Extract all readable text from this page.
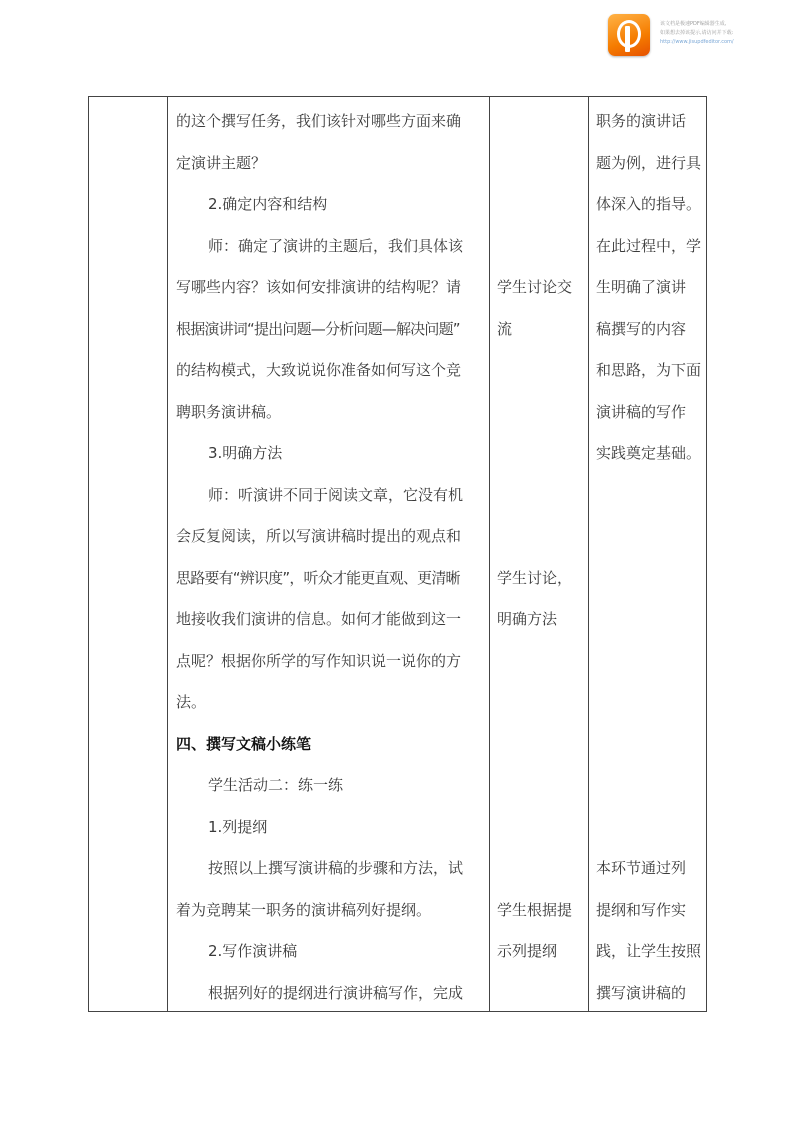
该文档是极速PDF编辑器生成,
如果想去掉该提示,请访问并下载:
http://www.jisupdfeditor.com/
的这个撰写任务，我们该针对哪些方面来确
定演讲主题？
2.确定内容和结构
师：确定了演讲的主题后，我们具体该
写哪些内容？该如何安排演讲的结构呢？请
根据演讲词“提出问题—分析问题—解决问题”
的结构模式，大致说说你准备如何写这个竞
聘职务演讲稿。
3.明确方法
师：听演讲不同于阅读文章，它没有机
会反复阅读，所以写演讲稿时提出的观点和
思路要有“辨识度”，听众才能更直观、更清晰
地接收我们演讲的信息。如何才能做到这一
点呢？根据你所学的写作知识说一说你的方
法。
四、撰写文稿小练笔
学生活动二：练一练
1.列提纲
按照以上撰写演讲稿的步骤和方法，试
着为竞聘某一职务的演讲稿列好提纲。
2.写作演讲稿
根据列好的提纲进行演讲稿写作，完成
学生讨论交
流
学生讨论，
明确方法
学生根据提
示列提纲
职务的演讲话
题为例，进行具
体深入的指导。
在此过程中，学
生明确了演讲
稿撰写的内容
和思路，为下面
演讲稿的写作
实践奠定基础。
本环节通过列
提纲和写作实
践，让学生按照
撰写演讲稿的
